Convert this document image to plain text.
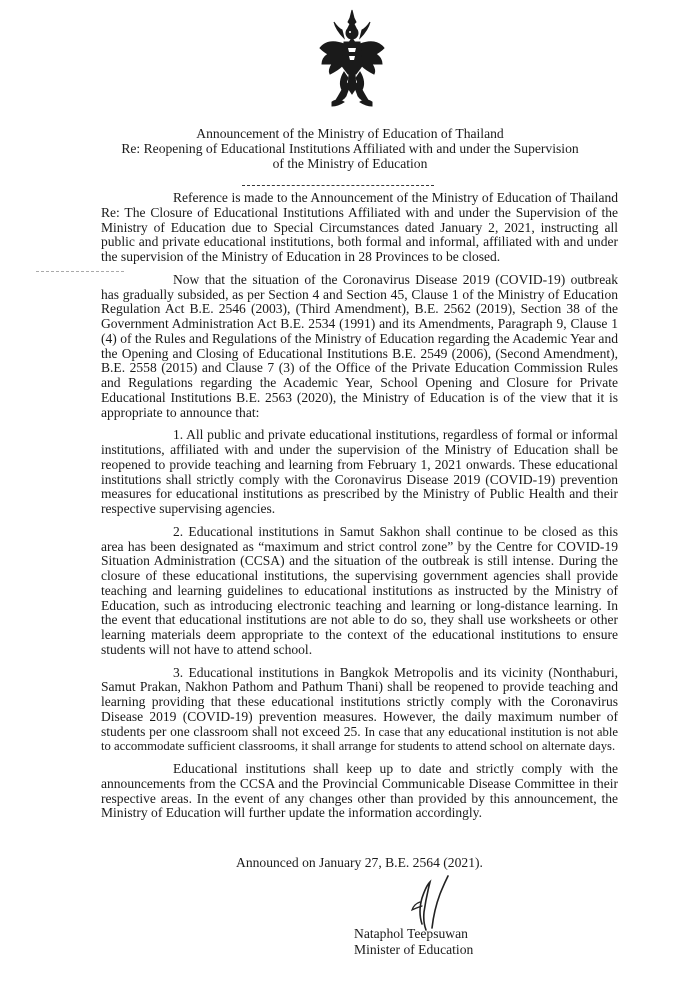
Announcement of the Ministry of Education of Thailand
Re: Reopening of Educational Institutions Affiliated with and under the Supervision
of the Ministry of Education

Reference is made to the Announcement of the Ministry of Education of Thailand Re: The Closure of Educational Institutions Affiliated with and under the Supervision of the Ministry of Education due to Special Circumstances dated January 2, 2021, instructing all public and private educational institutions, both formal and informal, affiliated with and under the supervision of the Ministry of Education in 28 Provinces to be closed.

Now that the situation of the Coronavirus Disease 2019 (COVID-19) outbreak has gradually subsided, as per Section 4 and Section 45, Clause 1 of the Ministry of Education Regulation Act B.E. 2546 (2003), (Third Amendment), B.E. 2562 (2019), Section 38 of the Government Administration Act B.E. 2534 (1991) and its Amendments, Paragraph 9, Clause 1 (4) of the Rules and Regulations of the Ministry of Education regarding the Academic Year and the Opening and Closing of Educational Institutions B.E. 2549 (2006), (Second Amendment), B.E. 2558 (2015) and Clause 7 (3) of the Office of the Private Education Commission Rules and Regulations regarding the Academic Year, School Opening and Closure for Private Educational Institutions B.E. 2563 (2020), the Ministry of Education is of the view that it is appropriate to announce that:

1. All public and private educational institutions, regardless of formal or informal institutions, affiliated with and under the supervision of the Ministry of Education shall be reopened to provide teaching and learning from February 1, 2021 onwards. These educational institutions shall strictly comply with the Coronavirus Disease 2019 (COVID-19) prevention measures for educational institutions as prescribed by the Ministry of Public Health and their respective supervising agencies.

2. Educational institutions in Samut Sakhon shall continue to be closed as this area has been designated as “maximum and strict control zone” by the Centre for COVID-19 Situation Administration (CCSA) and the situation of the outbreak is still intense. During the closure of these educational institutions, the supervising government agencies shall provide teaching and learning guidelines to educational institutions as instructed by the Ministry of Education, such as introducing electronic teaching and learning or long-distance learning. In the event that educational institutions are not able to do so, they shall use worksheets or other learning materials deem appropriate to the context of the educational institutions to ensure students will not have to attend school.

3. Educational institutions in Bangkok Metropolis and its vicinity (Nonthaburi, Samut Prakan, Nakhon Pathom and Pathum Thani) shall be reopened to provide teaching and learning providing that these educational institutions strictly comply with the Coronavirus Disease 2019 (COVID-19) prevention measures. However, the daily maximum number of students per one classroom shall not exceed 25. In case that any educational institution is not able to accommodate sufficient classrooms, it shall arrange for students to attend school on alternate days.

Educational institutions shall keep up to date and strictly comply with the announcements from the CCSA and the Provincial Communicable Disease Committee in their respective areas. In the event of any changes other than provided by this announcement, the Ministry of Education will further update the information accordingly.

Announced on January 27, B.E. 2564 (2021).
Nataphol Teepsuwan
Minister of Education
